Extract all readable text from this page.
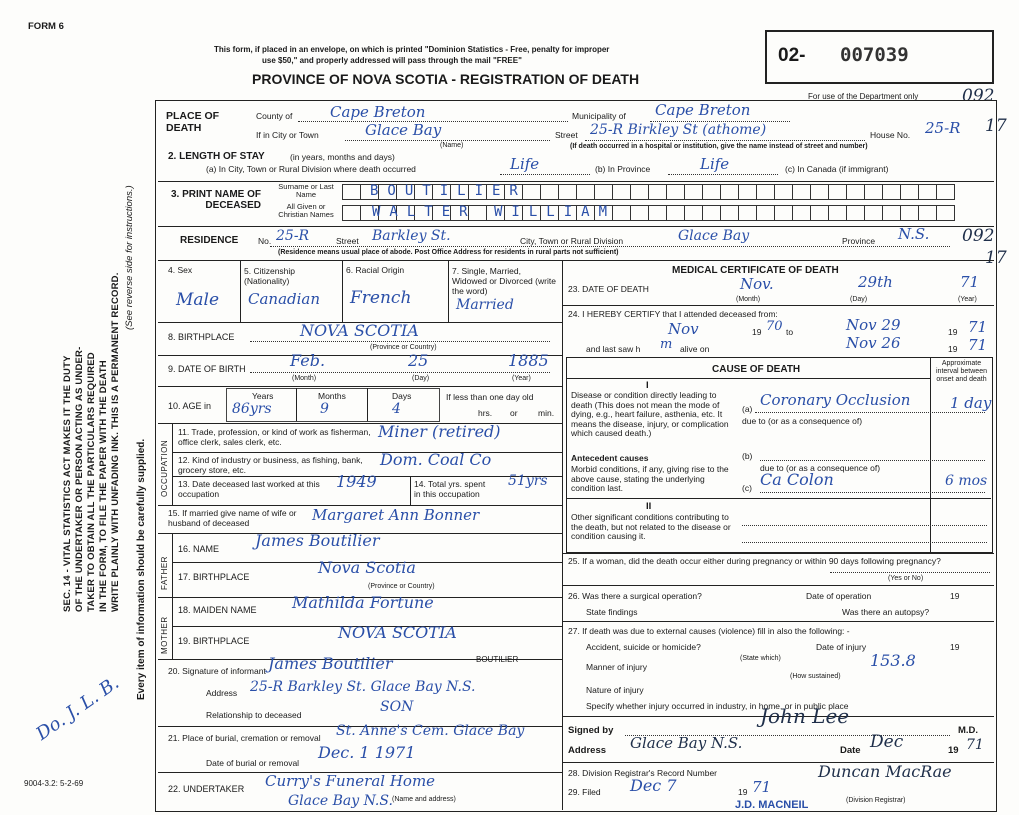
FORM 6
SEC. 14 - VITAL STATISTICS ACT MAKES IT THE DUTY OF THE UNDERTAKER OR PERSON ACTING AS UNDER- TAKER TO OBTAIN ALL THE PARTICULARS REQUIRED IN THE FORM, TO FILE THE PAPER WITH THE DEATH WRITE PLAINLY WITH UNFADING INK. THIS IS A PERMANENT RECORD.
(See reverse side for instructions.)
Every item of information should be carefully supplied.
Do. J. L. B.
9004-3.2: 5-2-69
This form, if placed in an envelope, on which is printed "Dominion Statistics - Free, penalty for improper
use $50," and properly addressed will pass through the mail "FREE"
PROVINCE OF NOVA SCOTIA - REGISTRATION OF DEATH
02- 007039
For use of the Department only	092
17
092
17
PLACE OF DEATH
County of	Cape Breton	Municipality of Cape Breton
If in City or Town	Glace Bay
(Name)
Street 25-R Birkley St (athome)	House No. 25-R
(If death occurred in a hospital or institution, give the name instead of street and number)
2. LENGTH OF STAY	(in years, months and days)
(a) In City, Town or Rural Division where death occurred	Life	(b) In Province	Life	(c) In Canada (if immigrant)
3. PRINT NAME OF DECEASED
Surname or Last Name	BOUTILIER
All Given or Christian Names	WALTER WILLIAM
RESIDENCE No. 25-R	Street Barkley St.	City, Town or Rural Division	Glace Bay	Province N.S.
(Residence means usual place of abode. Post Office Address for residents in rural parts not sufficient)
4. Sex	5. Citizenship (Nationality)
6. Racial Origin	7. Single, Married, Widowed or Divorced (write the word)
Male Canadian French	Married
8. BIRTHPLACE	NOVA SCOTIA
(Province or Country)
9. DATE OF BIRTH	Feb.	25	1885
(Month)	(Day)	(Year)
10. AGE in
Years	Months	Days
86yrs	9	4
If less than one day old
hrs. or min.
OCCUPATION
11. Trade, profession, or kind of work as fisherman, office clerk, sales clerk, etc.
Miner (retired)
12. Kind of industry or business, as fishing, bank, grocery store, etc.
Dom. Coal Co
13. Date deceased last worked at this occupation
1949	14. Total yrs. spent in this occupation
51yrs
15. If married give name of wife or husband of deceased	Margaret Ann Bonner
FATHER
16. NAME James Boutilier
17. BIRTHPLACE	Nova Scotia
(Province or Country)
MOTHER
18. MAIDEN NAME Mathilda Fortune
19. BIRTHPLACE	NOVA SCOTIA
20. Signature of informant James Boutilier	BOUTILIER
Address 25-R Barkley St. Glace Bay N.S.
Relationship to deceased	SON
21. Place of burial, cremation or removal	St. Anne's Cem. Glace Bay
Date of burial or removal
Dec. 1 1971
22. UNDERTAKER Curry's Funeral Home
Glace Bay N.S. (Name and address)
MEDICAL CERTIFICATE OF DEATH
23. DATE OF DEATH	Nov.	29th	71
(Month)	(Day)	(Year)
24. I HEREBY CERTIFY that I attended deceased from:
Nov	19 70 to	Nov 29	19 71
and last saw h m alive on	Nov 26	19 71
CAUSE OF DEATH
Approximate interval between onset and death
I
Disease or condition directly leading to death (This does not mean the mode of dying, e.g., heart failure, asthenia, etc. It means the disease, injury, or complication which caused death.)
(a) Coronary Occlusion	1 day
due to (or as a consequence of)
Antecedent causes
Morbid conditions, if any, giving rise to the above cause, stating the underlying condition last.
(b)
due to (or as a consequence of)
(c) Ca Colon	6 mos
II
Other significant conditions contributing to the death, but not related to the disease or condition causing it.
25. If a woman, did the death occur either during pregnancy or within 90 days following pregnancy?
(Yes or No)
26. Was there a surgical operation?	Date of operation	19
State findings	Was there an autopsy?
27. If death was due to external causes (violence) fill in also the following: -
Accident, suicide or homicide?	Date of injury	19
(State which)
Manner of injury	153.8
(How sustained)
Nature of injury
Specify whether injury occurred in industry, in home, or in public place
Signed by
John Lee
M.D.
Address Glace Bay N.S.	Date Dec	19 71
28. Division Registrar's Record Number
29. Filed Dec 7	19 71
Duncan MacRae
J.D. MACNEIL	(Division Registrar)
